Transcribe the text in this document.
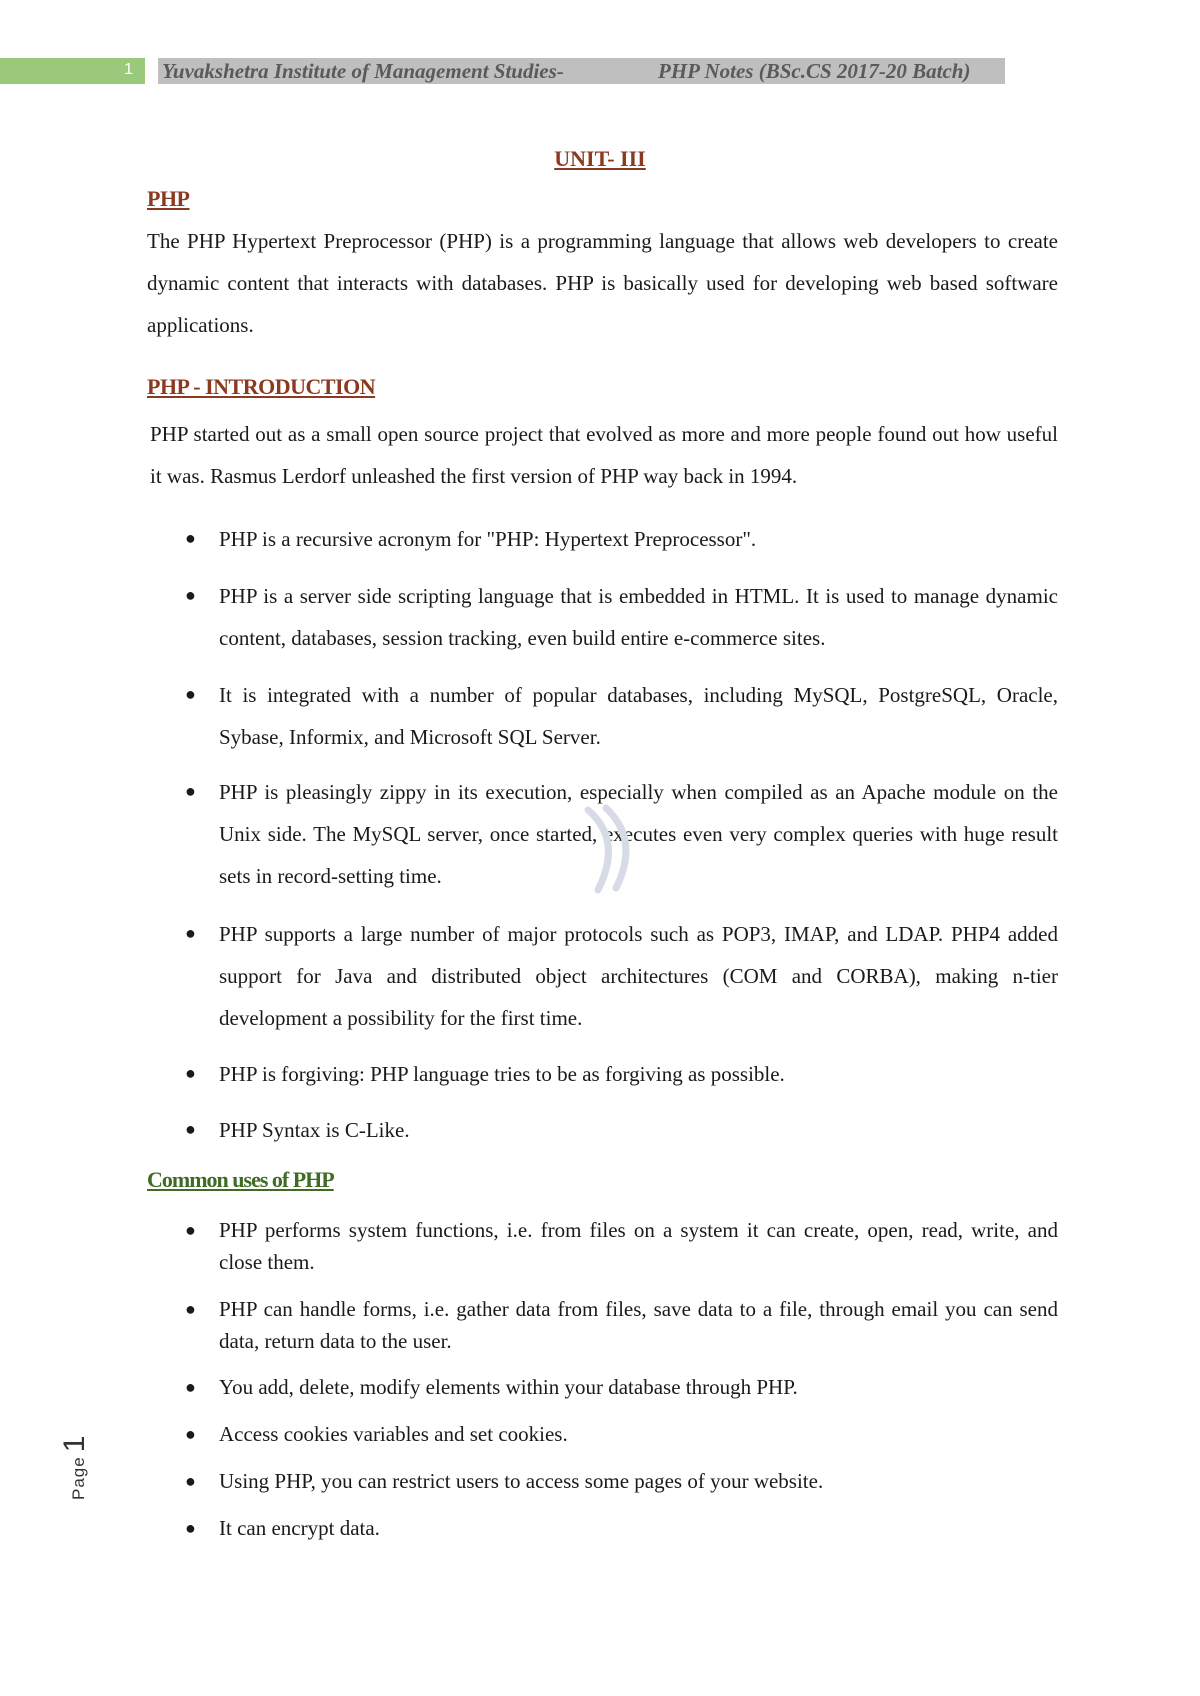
1 Yuvakshetra Institute of Management Studies-	PHP Notes (BSc.CS 2017-20 Batch)
UNIT- III
PHP
The PHP Hypertext Preprocessor (PHP) is a programming language that allows web developers to create dynamic content that interacts with databases. PHP is basically used for developing web based software applications.
PHP - INTRODUCTION
PHP started out as a small open source project that evolved as more and more people found out how useful it was. Rasmus Lerdorf unleashed the first version of PHP way back in 1994.
● PHP is a recursive acronym for "PHP: Hypertext Preprocessor".
● PHP is a server side scripting language that is embedded in HTML. It is used to manage dynamic content, databases, session tracking, even build entire e-commerce sites.
● It is integrated with a number of popular databases, including MySQL, PostgreSQL, Oracle, Sybase, Informix, and Microsoft SQL Server.
● PHP is pleasingly zippy in its execution, especially when compiled as an Apache module on the Unix side. The MySQL server, once started, executes even very complex queries with huge result sets in record-setting time.
● PHP supports a large number of major protocols such as POP3, IMAP, and LDAP. PHP4 added support for Java and distributed object architectures (COM and CORBA), making n-tier development a possibility for the first time.
● PHP is forgiving: PHP language tries to be as forgiving as possible.
● PHP Syntax is C-Like.
Common uses of PHP
● PHP performs system functions, i.e. from files on a system it can create, open, read, write, and close them.
● PHP can handle forms, i.e. gather data from files, save data to a file, through email you can send data, return data to the user.
● You add, delete, modify elements within your database through PHP.
● Access cookies variables and set cookies.
● Using PHP, you can restrict users to access some pages of your website.
● It can encrypt data.
Page1
